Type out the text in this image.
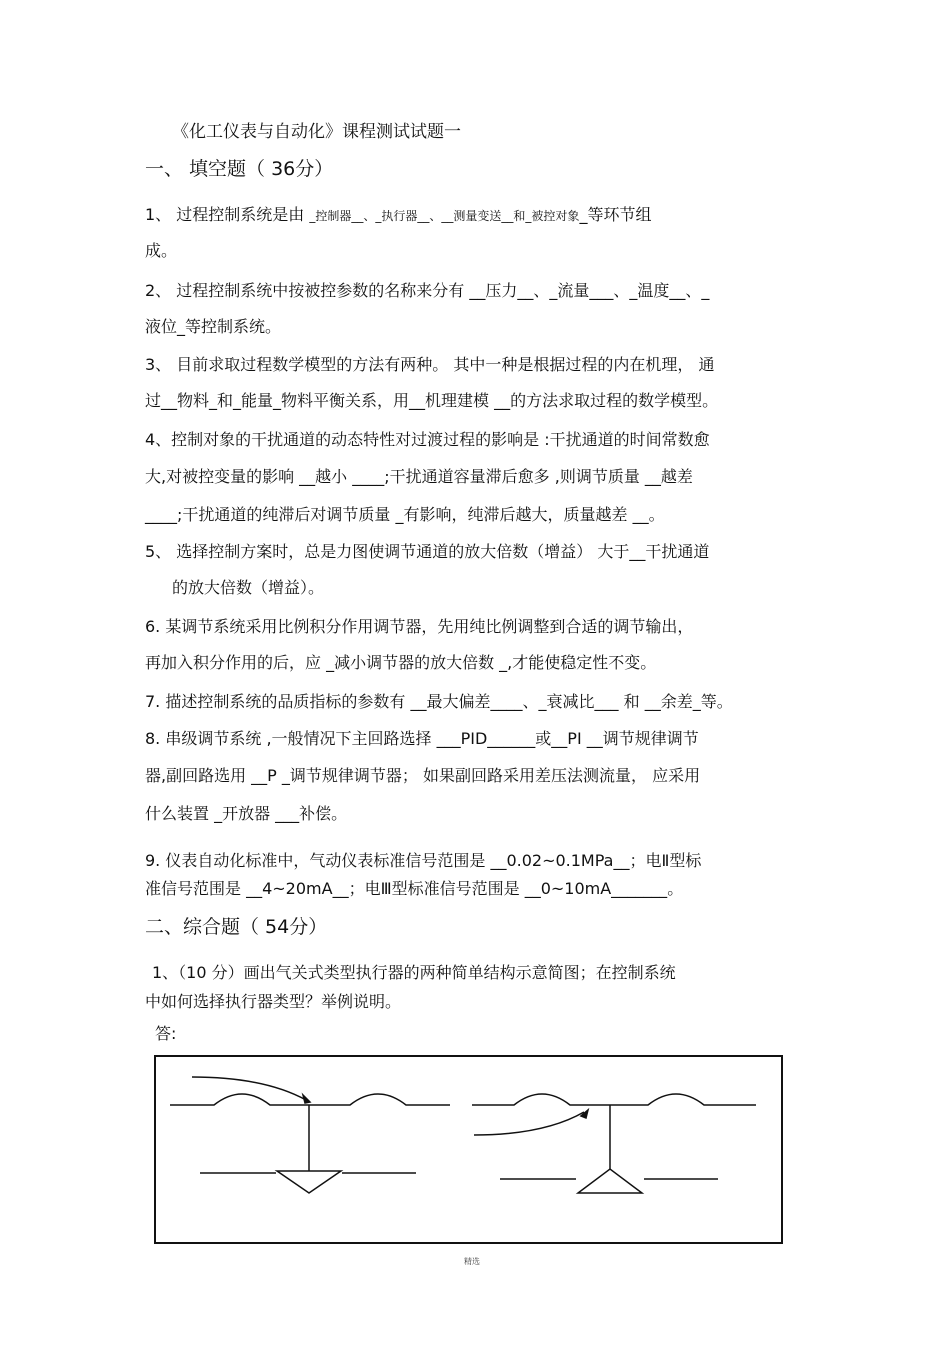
《化工仪表与自动化》课程测试试题一
一、 填空题（ 36分）
1、 过程控制系统是由 _控制器__、_执行器__、__测量变送__和_被控对象_等环节组
成。
2、 过程控制系统中按被控参数的名称来分有 __压力__、_流量___、_温度__、_
液位_等控制系统。
3、 目前求取过程数学模型的方法有两种。 其中一种是根据过程的内在机理， 通
过__物料_和_能量_物料平衡关系，用__机理建模 __的方法求取过程的数学模型。
4、控制对象的干扰通道的动态特性对过渡过程的影响是 :干扰通道的时间常数愈
大,对被控变量的影响 __越小 ____;干扰通道容量滞后愈多 ,则调节质量 __越差
____;干扰通道的纯滞后对调节质量 _有影响，纯滞后越大，质量越差 __。
5、 选择控制方案时，总是力图使调节通道的放大倍数（增益） 大于__干扰通道
的放大倍数（增益）。
6. 某调节系统采用比例积分作用调节器，先用纯比例调整到合适的调节输出，
再加入积分作用的后，应 _减小调节器的放大倍数 _,才能使稳定性不变。
7. 描述控制系统的品质指标的参数有 __最大偏差____、_衰减比___ 和 __余差_等。
8. 串级调节系统 ,一般情况下主回路选择 ___PID______或__PI __调节规律调节
器,副回路选用 __P _调节规律调节器； 如果副回路采用差压法测流量， 应采用
什么装置 _开放器 ___补偿。
9. 仪表自动化标准中，气动仪表标准信号范围是 __0.02~0.1MPa__；电Ⅱ型标
准信号范围是 __4~20mA__；电Ⅲ型标准信号范围是 __0~10mA_______。
二、综合题（ 54分）
1、（10 分）画出气关式类型执行器的两种简单结构示意简图；在控制系统
中如何选择执行器类型？举例说明。
答:
精选
